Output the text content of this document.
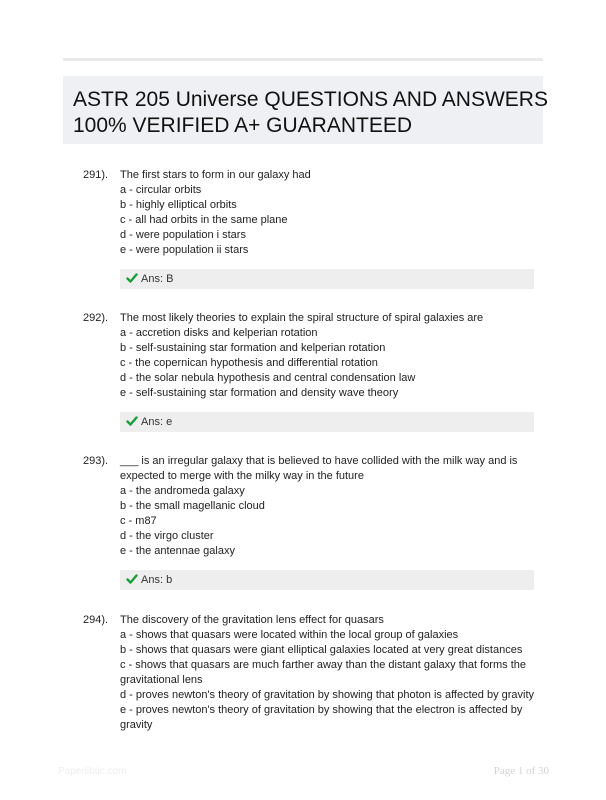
ASTR 205 Universe QUESTIONS AND ANSWERS
100% VERIFIED A+ GUARANTEED
291). The first stars to form in our galaxy had
a - circular orbits
b - highly elliptical orbits
c - all had orbits in the same plane
d - were population i stars
e - were population ii stars
Ans: B
292). The most likely theories to explain the spiral structure of spiral galaxies are
a - accretion disks and kelperian rotation
b - self-sustaining star formation and kelperian rotation
c - the copernican hypothesis and differential rotation
d - the solar nebula hypothesis and central condensation law
e - self-sustaining star formation and density wave theory
Ans: e
293). ___ is an irregular galaxy that is believed to have collided with the milk way and is
expected to merge with the milky way in the future
a - the andromeda galaxy
b - the small magellanic cloud
c - m87
d - the virgo cluster
e - the antennae galaxy
Ans: b
294). The discovery of the gravitation lens effect for quasars
a - shows that quasars were located within the local group of galaxies
b - shows that quasars were giant elliptical galaxies located at very great distances
c - shows that quasars are much farther away than the distant galaxy that forms the
gravitational lens
d - proves newton's theory of gravitation by showing that photon is affected by gravity
e - proves newton's theory of gravitation by showing that the electron is affected by
gravity
Paperlibtic.com	Page 1 of 30
